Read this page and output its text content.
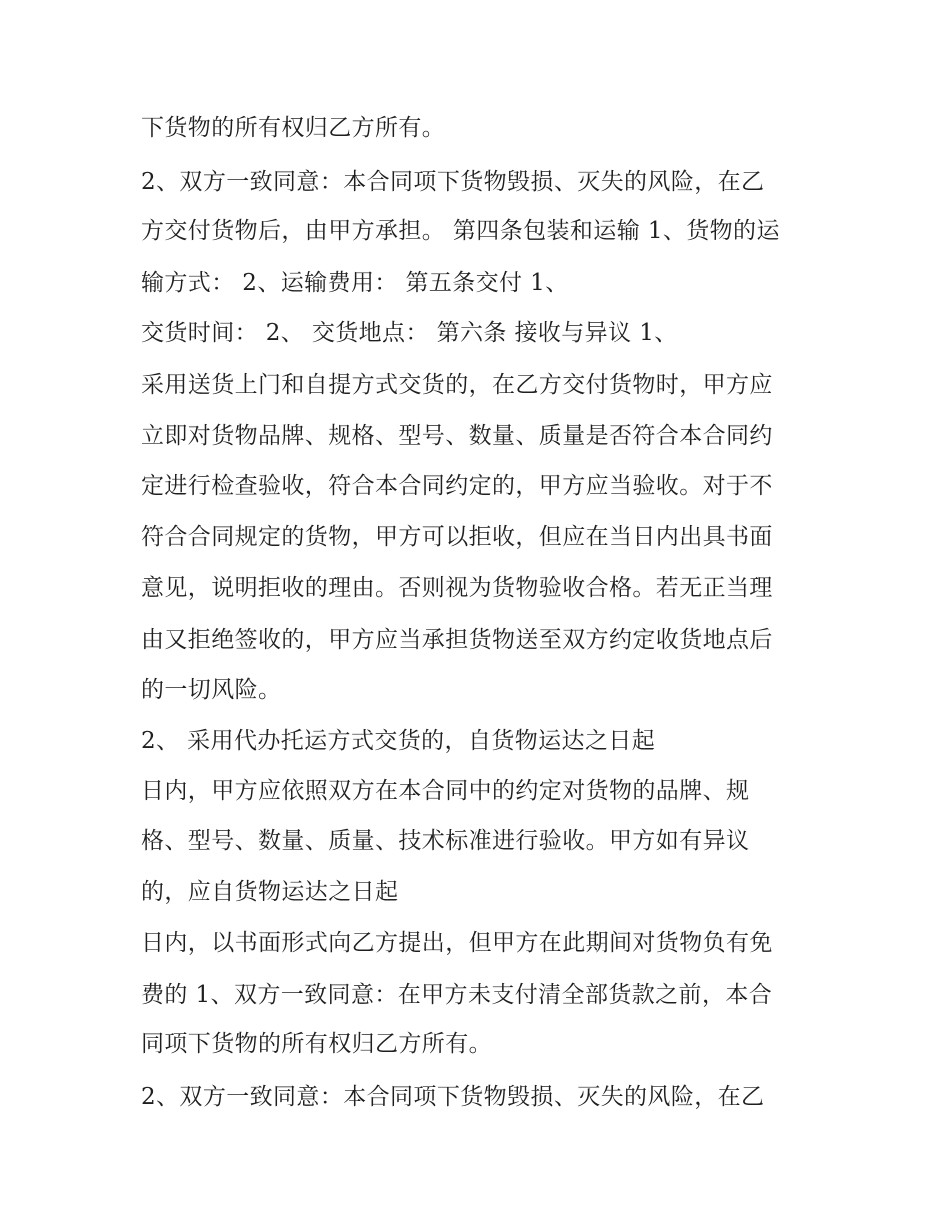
下货物的所有权归乙方所有。
2、双方一致同意：本合同项下货物毁损、灭失的风险，在乙
方交付货物后，由甲方承担。 第四条包装和运输 1、货物的运
输方式： 2、运输费用： 第五条交付 1、
交货时间： 2、 交货地点： 第六条 接收与异议 1、
采用送货上门和自提方式交货的，在乙方交付货物时，甲方应
立即对货物品牌、规格、型号、数量、质量是否符合本合同约
定进行检查验收，符合本合同约定的，甲方应当验收。对于不
符合合同规定的货物，甲方可以拒收，但应在当日内出具书面
意见，说明拒收的理由。否则视为货物验收合格。若无正当理
由又拒绝签收的，甲方应当承担货物送至双方约定收货地点后
的一切风险。
2、 采用代办托运方式交货的，自货物运达之日起
日内，甲方应依照双方在本合同中的约定对货物的品牌、规
格、型号、数量、质量、技术标准进行验收。甲方如有异议
的，应自货物运达之日起
日内，以书面形式向乙方提出，但甲方在此期间对货物负有免
费的 1、双方一致同意：在甲方未支付清全部货款之前，本合
同项下货物的所有权归乙方所有。
2、双方一致同意：本合同项下货物毁损、灭失的风险，在乙
